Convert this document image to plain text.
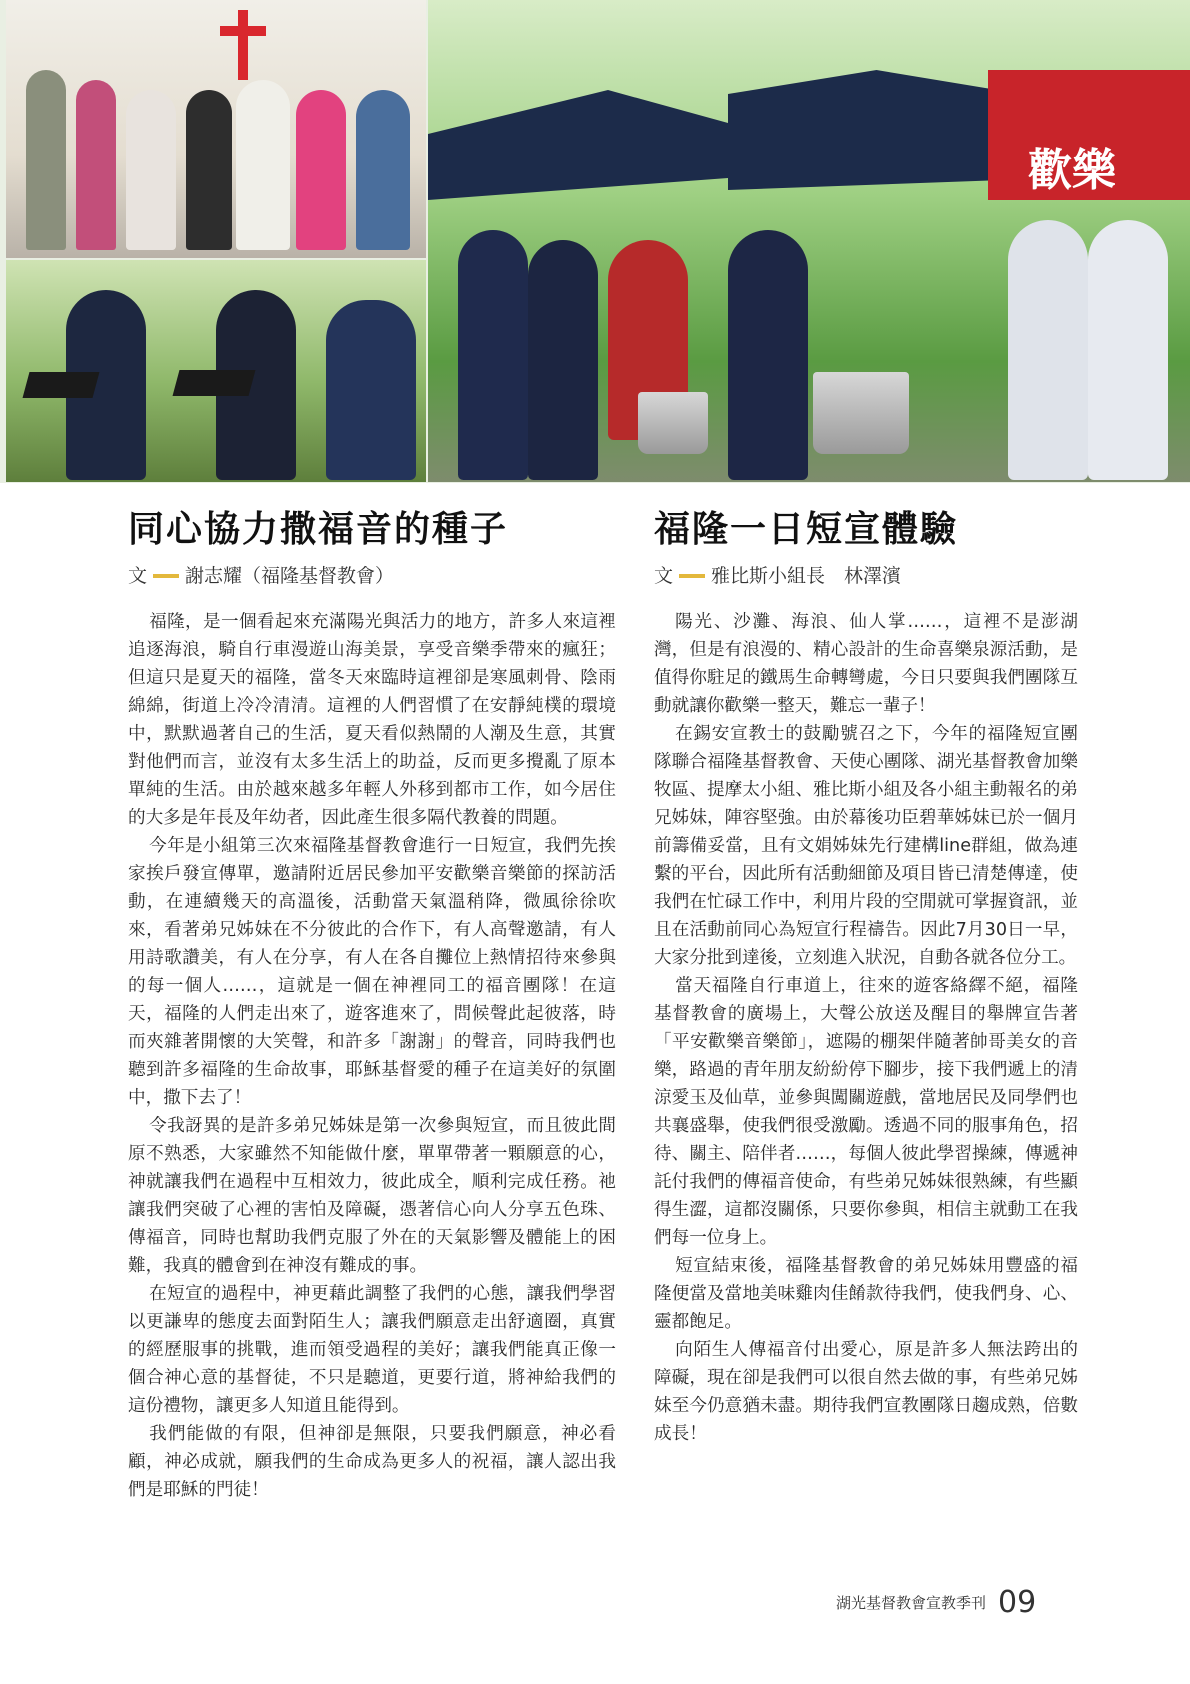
歡樂
同心協力撒福音的種子
文 謝志耀（福隆基督教會）

福隆，是一個看起來充滿陽光與活力的地方，許多人來這裡追逐海浪，騎自行車漫遊山海美景，享受音樂季帶來的瘋狂；但這只是夏天的福隆，當冬天來臨時這裡卻是寒風刺骨、陰雨綿綿，街道上冷冷清清。這裡的人們習慣了在安靜純樸的環境中，默默過著自己的生活，夏天看似熱鬧的人潮及生意，其實對他們而言，並沒有太多生活上的助益，反而更多攪亂了原本單純的生活。由於越來越多年輕人外移到都市工作，如今居住的大多是年長及年幼者，因此產生很多隔代教養的問題。

今年是小組第三次來福隆基督教會進行一日短宣，我們先挨家挨戶發宣傳單，邀請附近居民參加平安歡樂音樂節的探訪活動，在連續幾天的高溫後，活動當天氣溫稍降，微風徐徐吹來，看著弟兄姊妹在不分彼此的合作下，有人高聲邀請，有人用詩歌讚美，有人在分享，有人在各自攤位上熱情招待來參與的每一個人……，這就是一個在神裡同工的福音團隊！在這天，福隆的人們走出來了，遊客進來了，問候聲此起彼落，時而夾雜著開懷的大笑聲，和許多「謝謝」的聲音，同時我們也聽到許多福隆的生命故事，耶穌基督愛的種子在這美好的氛圍中，撒下去了！

令我訝異的是許多弟兄姊妹是第一次參與短宣，而且彼此間原不熟悉，大家雖然不知能做什麼，單單帶著一顆願意的心，神就讓我們在過程中互相效力，彼此成全，順利完成任務。祂讓我們突破了心裡的害怕及障礙，憑著信心向人分享五色珠、傳福音，同時也幫助我們克服了外在的天氣影響及體能上的困難，我真的體會到在神沒有難成的事。

在短宣的過程中，神更藉此調整了我們的心態，讓我們學習以更謙卑的態度去面對陌生人；讓我們願意走出舒適圈，真實的經歷服事的挑戰，進而領受過程的美好；讓我們能真正像一個合神心意的基督徒，不只是聽道，更要行道，將神給我們的這份禮物，讓更多人知道且能得到。

我們能做的有限，但神卻是無限，只要我們願意，神必看顧，神必成就，願我們的生命成為更多人的祝福，讓人認出我們是耶穌的門徒！

福隆一日短宣體驗
文 雅比斯小組長　林澤濱

陽光、沙灘、海浪、仙人掌……，這裡不是澎湖灣，但是有浪漫的、精心設計的生命喜樂泉源活動，是值得你駐足的鐵馬生命轉彎處，今日只要與我們團隊互動就讓你歡樂一整天，難忘一輩子！

在錫安宣教士的鼓勵號召之下，今年的福隆短宣團隊聯合福隆基督教會、天使心團隊、湖光基督教會加樂牧區、提摩太小組、雅比斯小組及各小組主動報名的弟兄姊妹，陣容堅強。由於幕後功臣碧華姊妹已於一個月前籌備妥當，且有文娟姊妹先行建構line群組，做為連繫的平台，因此所有活動細節及項目皆已清楚傳達，使我們在忙碌工作中，利用片段的空閒就可掌握資訊，並且在活動前同心為短宣行程禱告。因此7月30日一早，大家分批到達後，立刻進入狀況，自動各就各位分工。

當天福隆自行車道上，往來的遊客絡繹不絕，福隆基督教會的廣場上，大聲公放送及醒目的舉牌宣告著「平安歡樂音樂節」，遮陽的棚架伴隨著帥哥美女的音樂，路過的青年朋友紛紛停下腳步，接下我們遞上的清涼愛玉及仙草，並參與闖關遊戲，當地居民及同學們也共襄盛舉，使我們很受激勵。透過不同的服事角色，招待、關主、陪伴者……，每個人彼此學習操練，傳遞神託付我們的傳福音使命，有些弟兄姊妹很熟練，有些顯得生澀，這都沒關係，只要你參與，相信主就動工在我們每一位身上。

短宣結束後，福隆基督教會的弟兄姊妹用豐盛的福隆便當及當地美味雞肉佳餚款待我們，使我們身、心、靈都飽足。

向陌生人傳福音付出愛心，原是許多人無法跨出的障礙，現在卻是我們可以很自然去做的事，有些弟兄姊妹至今仍意猶未盡。期待我們宣教團隊日趨成熟，倍數成長！

湖光基督教會宣教季刊 09
